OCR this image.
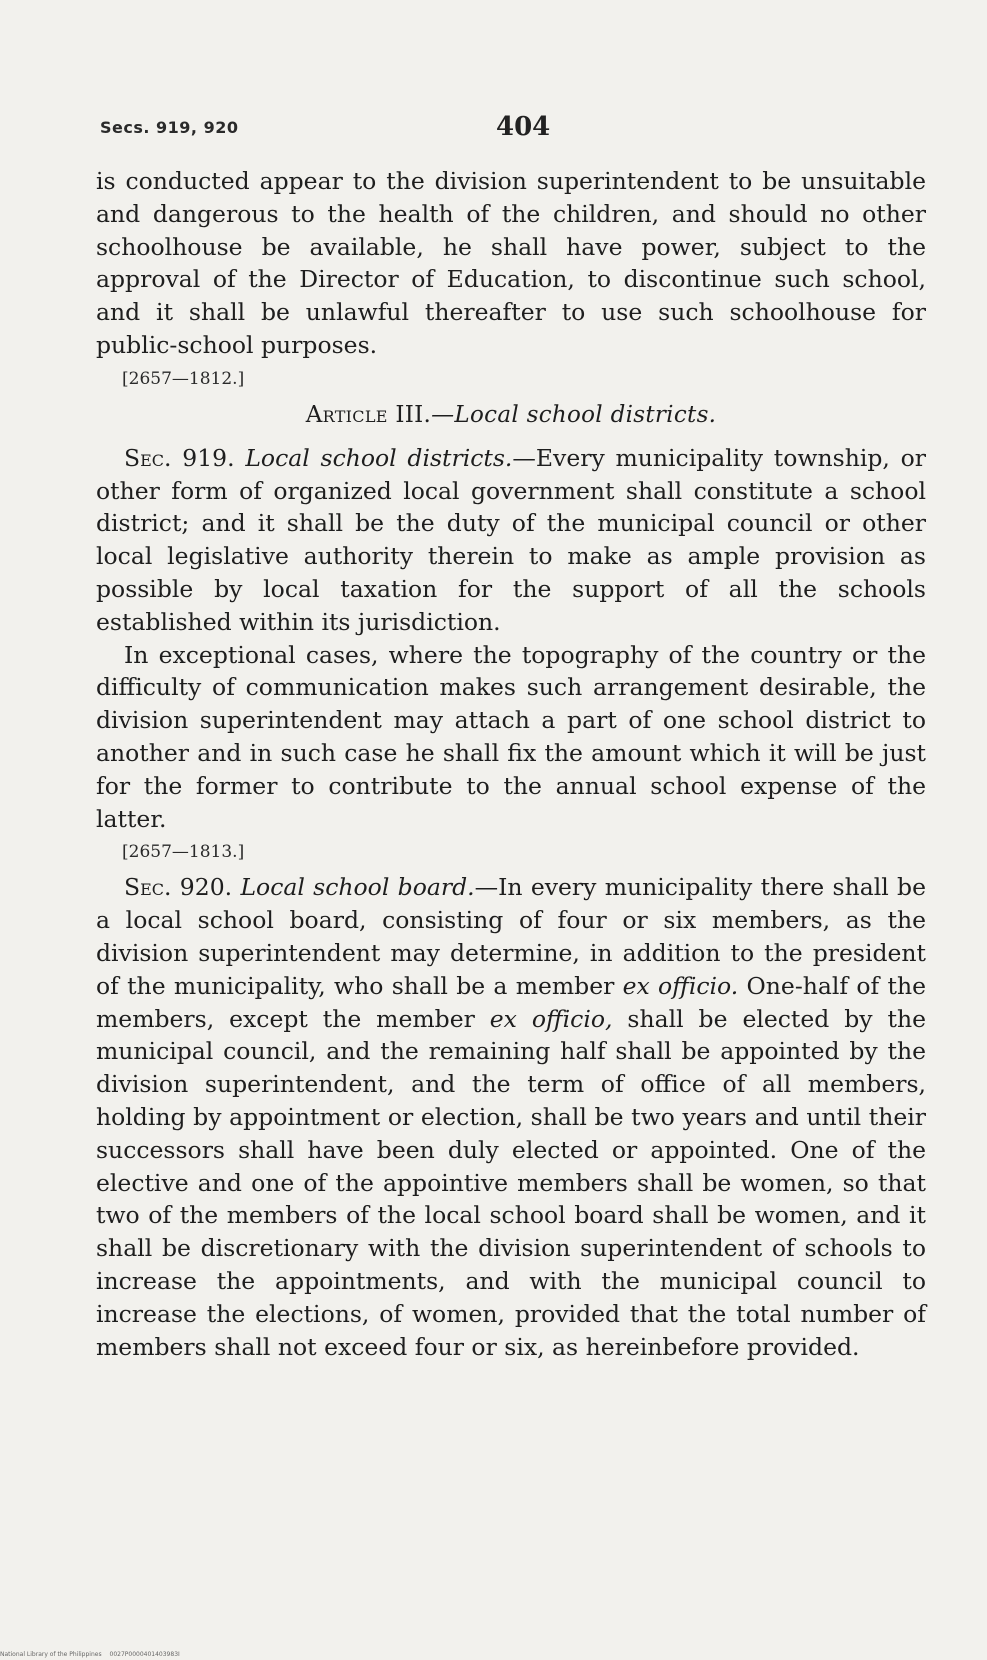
Secs. 919, 920	404

is conducted appear to the division superintendent to be unsuitable and dangerous to the health of the children, and should no other schoolhouse be available, he shall have power, subject to the approval of the Director of Education, to discontinue such school, and it shall be unlawful thereafter to use such schoolhouse for public-school purposes.

[2657—1812.]

Article III.—Local school districts.

Sec. 919. Local school districts.—Every municipality township, or other form of organized local government shall constitute a school district; and it shall be the duty of the municipal council or other local legislative authority therein to make as ample provision as possible by local taxation for the support of all the schools established within its jurisdiction.

In exceptional cases, where the topography of the country or the difficulty of communication makes such arrangement desirable, the division superintendent may attach a part of one school district to another and in such case he shall fix the amount which it will be just for the former to contribute to the annual school expense of the latter.

[2657—1813.]

Sec. 920. Local school board.—In every municipality there shall be a local school board, consisting of four or six members, as the division superintendent may determine, in addition to the president of the municipality, who shall be a member ex officio. One-half of the members, except the member ex officio, shall be elected by the municipal council, and the remaining half shall be appointed by the division superintendent, and the term of office of all members, holding by appointment or election, shall be two years and until their successors shall have been duly elected or appointed. One of the elective and one of the appointive members shall be women, so that two of the members of the local school board shall be women, and it shall be discretionary with the division superintendent of schools to increase the appointments, and with the municipal council to increase the elections, of women, provided that the total number of members shall not exceed four or six, as hereinbefore provided.

National Library of the Philippines 0027P0000401403983I
